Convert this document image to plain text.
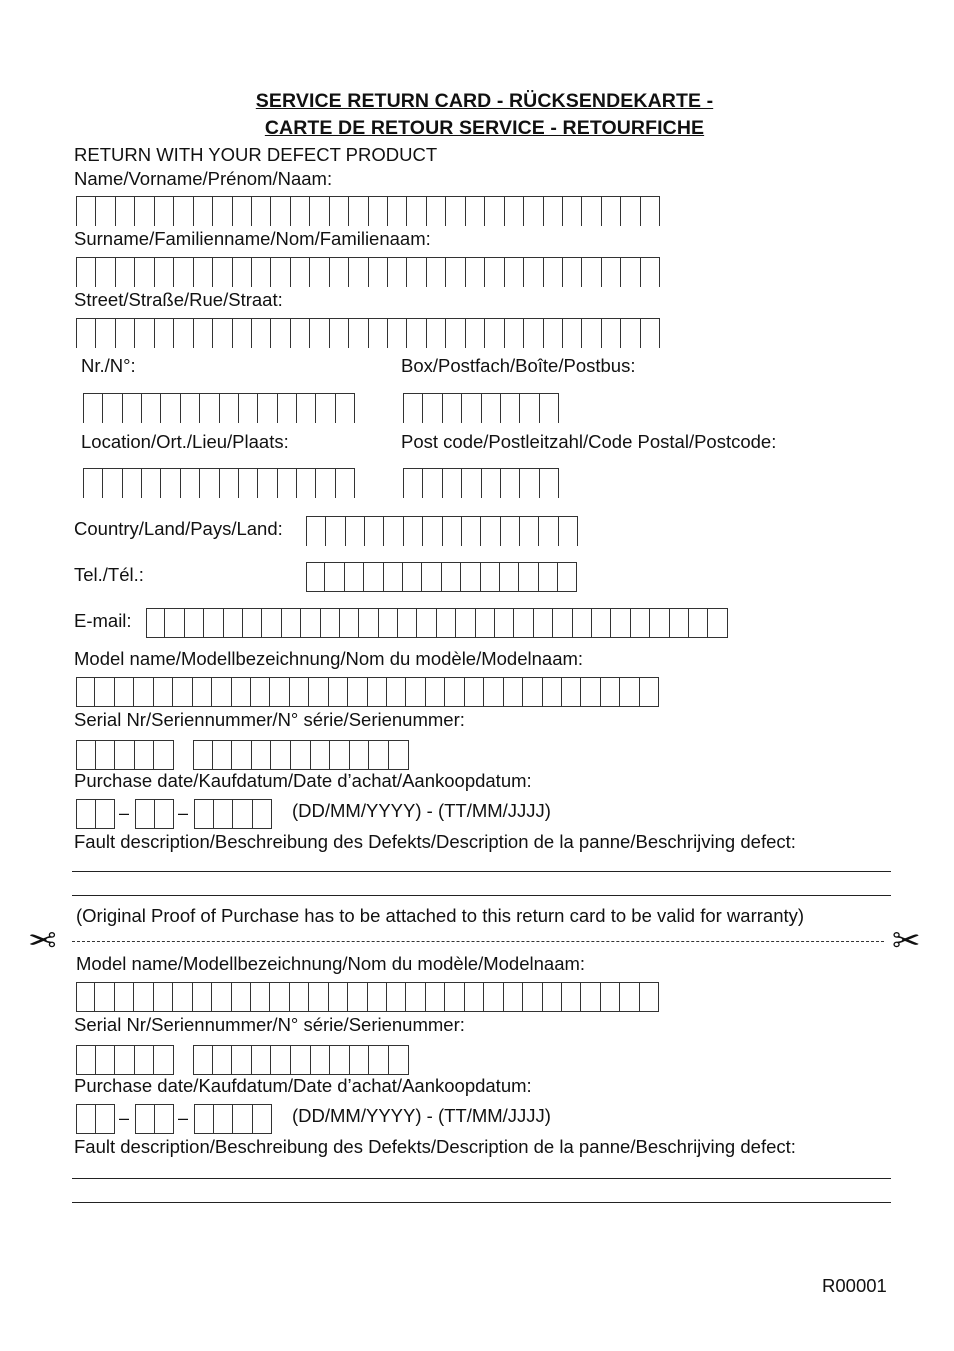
SERVICE RETURN CARD - RÜCKSENDEKARTE -
CARTE DE RETOUR SERVICE - RETOURFICHE
RETURN WITH YOUR DEFECT PRODUCT
Name/Vorname/Prénom/Naam:
Surname/Familienname/Nom/Familienaam:
Street/Straße/Rue/Straat:
Nr./N°:	Box/Postfach/Boîte/Postbus:
Location/Ort./Lieu/Plaats:	Post code/Postleitzahl/Code Postal/Postcode:
Country/Land/Pays/Land:
Tel./Tél.:
E-mail:
Model name/Modellbezeichnung/Nom du modèle/Modelnaam:
Serial Nr/Seriennummer/N° série/Serienummer:
Purchase date/Kaufdatum/Date d’achat/Aankoopdatum:
–	–	(DD/MM/YYYY) - (TT/MM/JJJJ)
Fault description/Beschreibung des Defekts/Description de la panne/Beschrijving defect:
(Original Proof of Purchase has to be attached to this return card to be valid for warranty)
✂	✂
Model name/Modellbezeichnung/Nom du modèle/Modelnaam:
Serial Nr/Seriennummer/N° série/Serienummer:
Purchase date/Kaufdatum/Date d’achat/Aankoopdatum:
–	–	(DD/MM/YYYY) - (TT/MM/JJJJ)
Fault description/Beschreibung des Defekts/Description de la panne/Beschrijving defect:
R00001
